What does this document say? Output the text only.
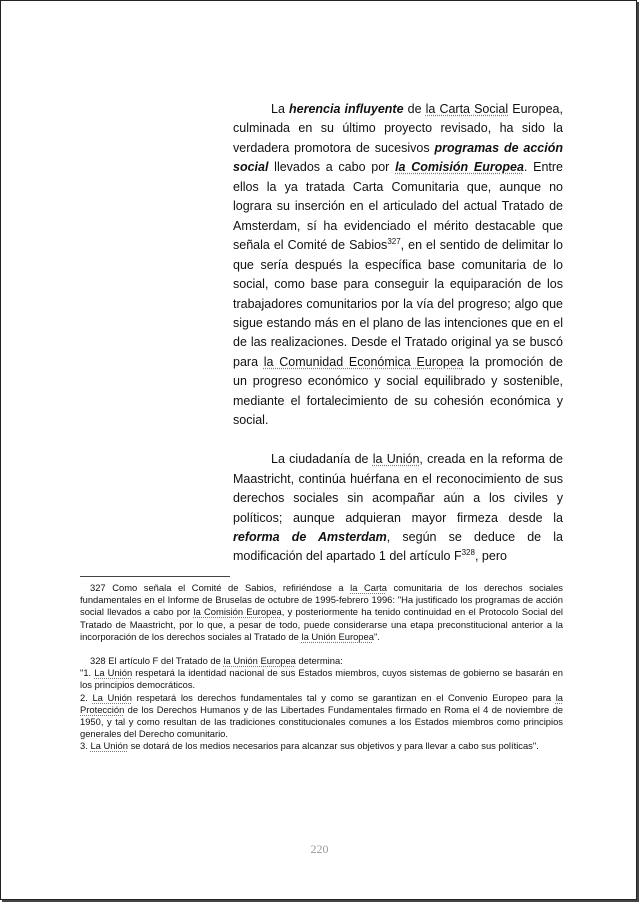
La herencia influyente de la Carta Social Europea, culminada en su último proyecto revisado, ha sido la verdadera promotora de sucesivos programas de acción social llevados a cabo por la Comisión Europea. Entre ellos la ya tratada Carta Comunitaria que, aunque no lograra su inserción en el articulado del actual Tratado de Amsterdam, sí ha evidenciado el mérito destacable que señala el Comité de Sabios$^{327}$, en el sentido de delimitar lo que sería después la específica base comunitaria de lo social, como base para conseguir la equiparación de los trabajadores comunitarios por la vía del progreso; algo que sigue estando más en el plano de las intenciones que en el de las realizaciones. Desde el Tratado original ya se buscó para la Comunidad Económica Europea la promoción de un progreso económico y social equilibrado y sostenible, mediante el fortalecimiento de su cohesión económica y social.

La ciudadanía de la Unión, creada en la reforma de Maastricht, continúa huérfana en el reconocimiento de sus derechos sociales sin acompañar aún a los civiles y políticos; aunque adquieran mayor firmeza desde la reforma de Amsterdam, según se deduce de la modificación del apartado 1 del artículo $F^{328}$, pero

327 Como señala el Comité de Sabios, refiriéndose a la Carta comunitaria de los derechos sociales fundamentales en el Informe de Bruselas de octubre de 1995-febrero 1996: "Ha justificado los programas de acción social llevados a cabo por la Comisión Europea, y posteriormente ha tenido continuidad en el Protocolo Social del Tratado de Maastricht, por lo que, a pesar de todo, puede considerarse una etapa preconstitucional anterior a la incorporación de los derechos sociales al Tratado de la Unión Europea".

328 El artículo F del Tratado de la Unión Europea determina:
"1. La Unión respetará la identidad nacional de sus Estados miembros, cuyos sistemas de gobierno se basarán en los principios democráticos.
2. La Unión respetará los derechos fundamentales tal y como se garantizan en el Convenio Europeo para la Protección de los Derechos Humanos y de las Libertades Fundamentales firmado en Roma el 4 de noviembre de 1950, y tal y como resultan de las tradiciones constitucionales comunes a los Estados miembros como principios generales del Derecho comunitario.
3. La Unión se dotará de los medios necesarios para alcanzar sus objetivos y para llevar a cabo sus políticas".
220
